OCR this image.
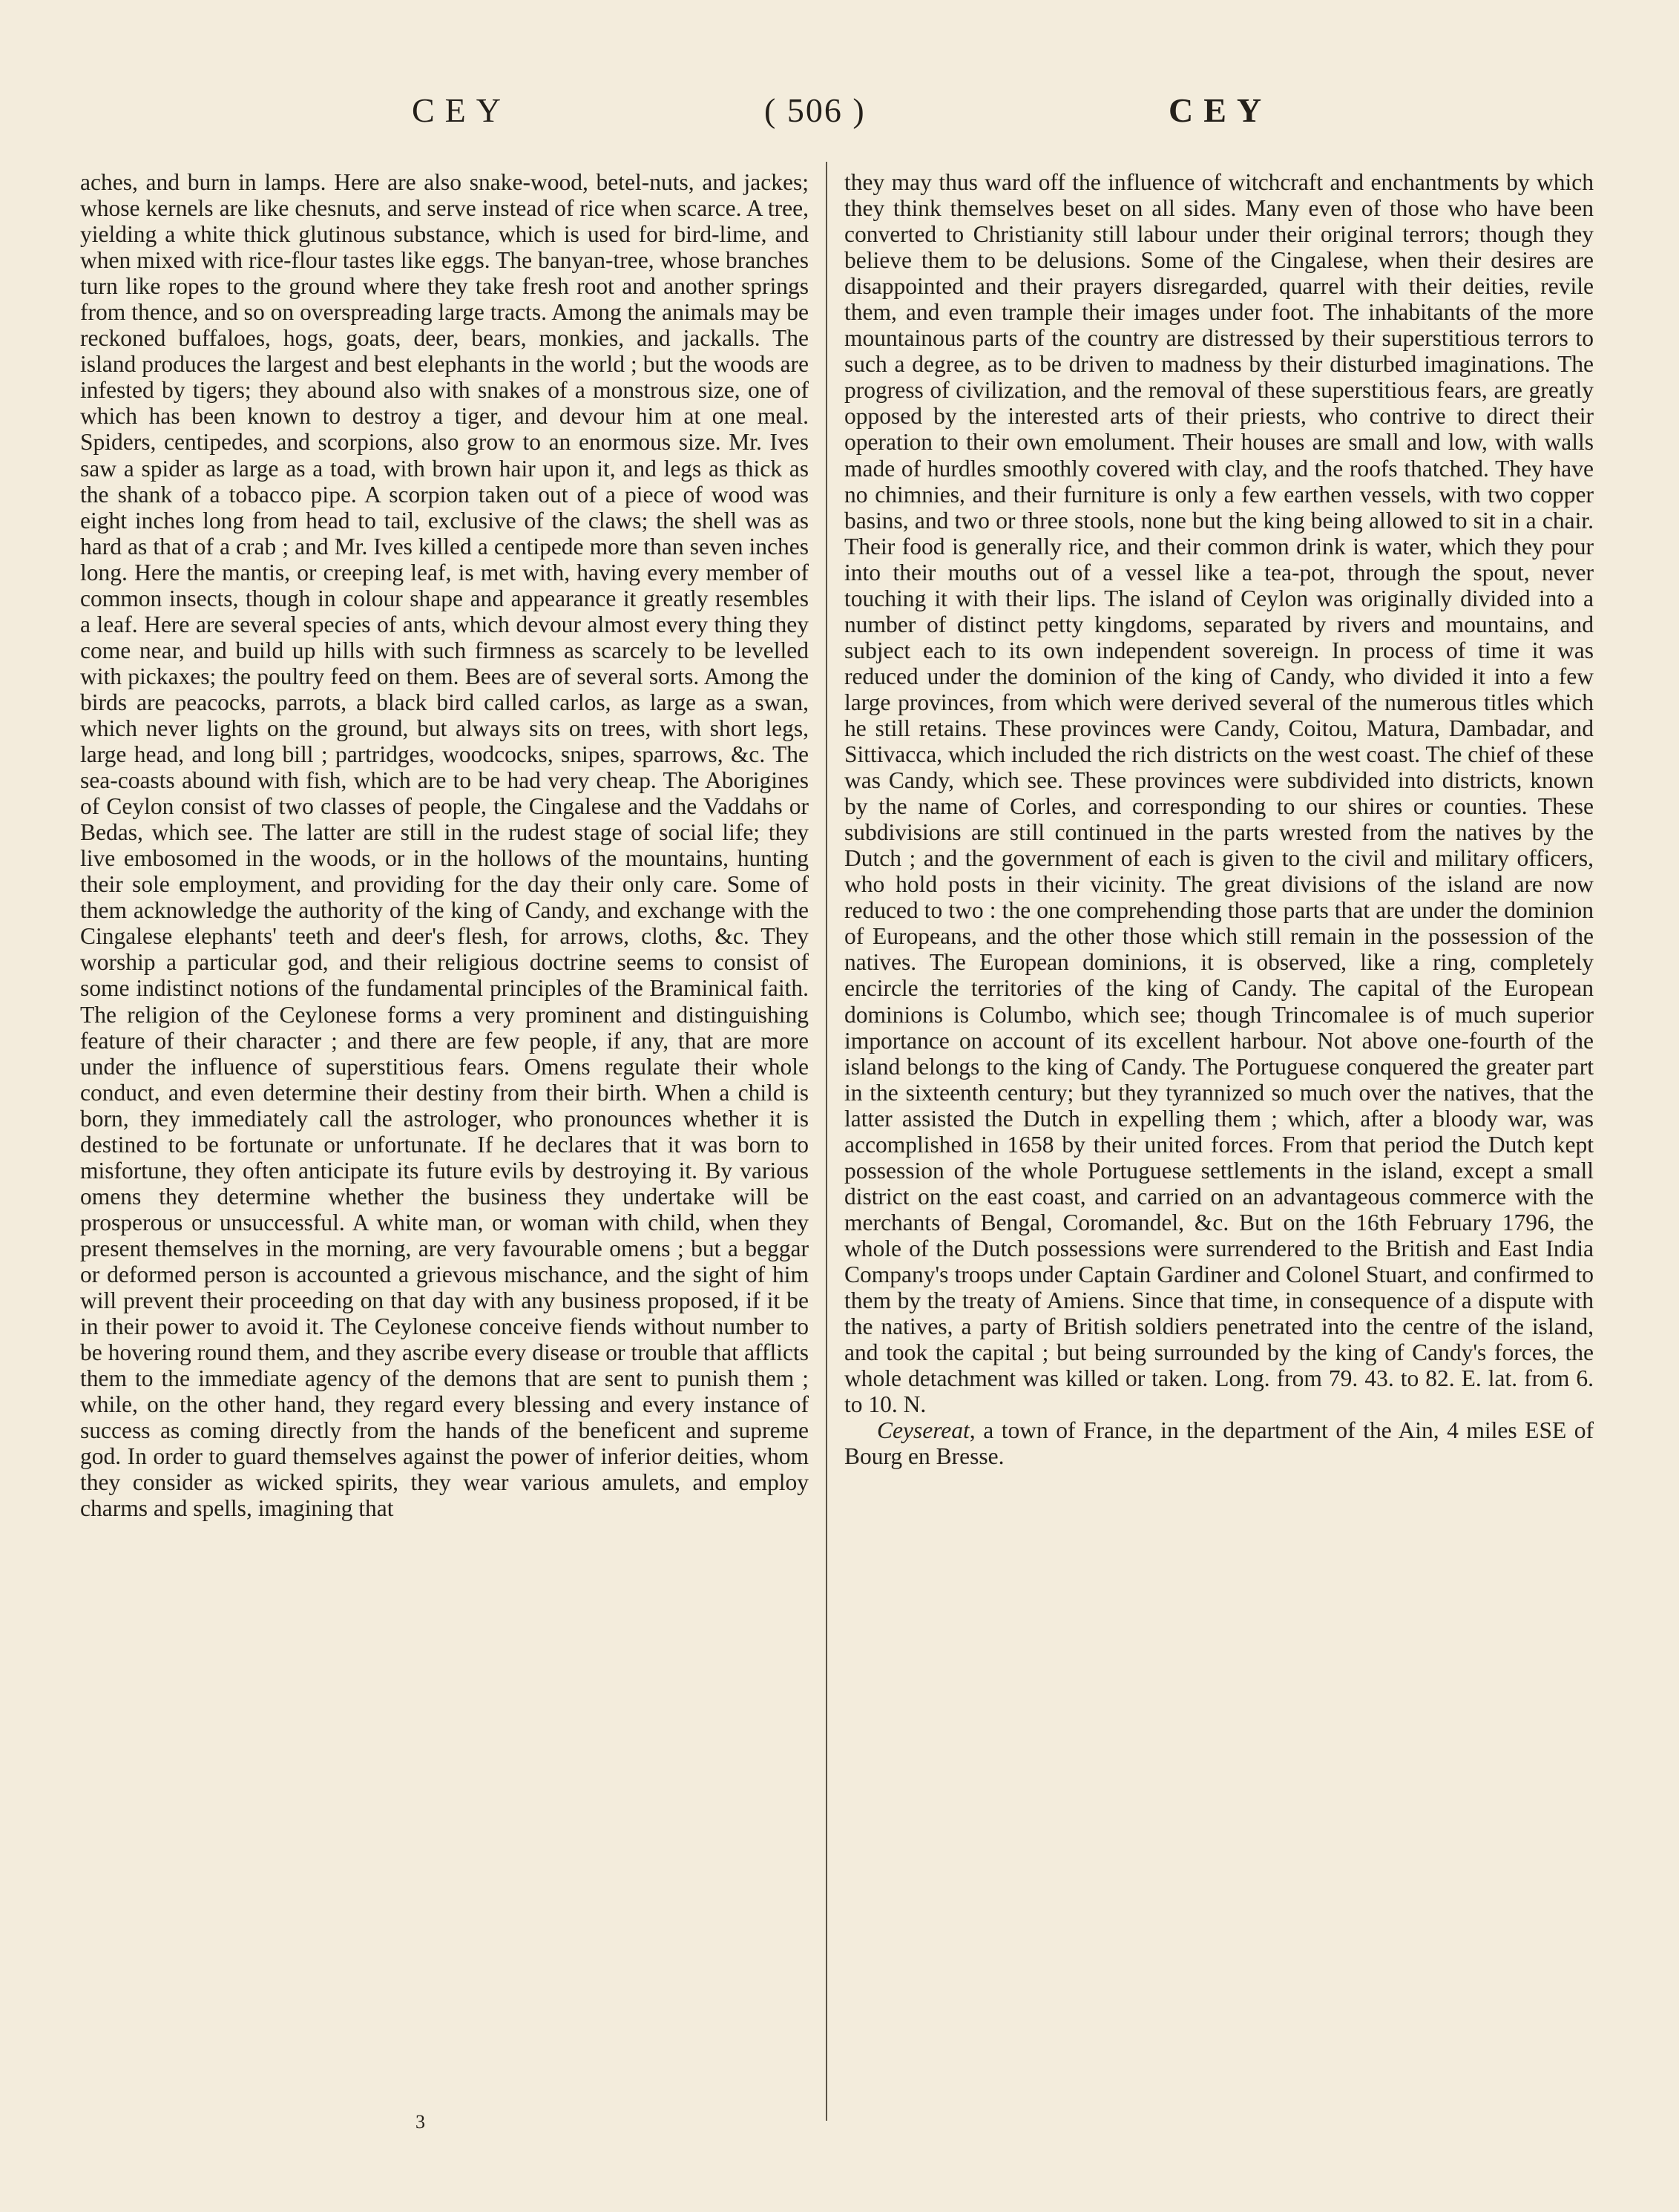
CEY	( 506 )	CEY

aches, and burn in lamps. Here are also snake-wood, betel-nuts, and jackes; whose kernels are like chesnuts, and serve instead of rice when scarce. A tree, yielding a white thick glutinous substance, which is used for bird-lime, and when mixed with rice-flour tastes like eggs. The banyan-tree, whose branches turn like ropes to the ground where they take fresh root and another springs from thence, and so on overspreading large tracts. Among the animals may be reckoned buffaloes, hogs, goats, deer, bears, monkies, and jackalls. The island produces the largest and best elephants in the world ; but the woods are infested by tigers; they abound also with snakes of a monstrous size, one of which has been known to destroy a tiger, and devour him at one meal. Spiders, centipedes, and scorpions, also grow to an enormous size. Mr. Ives saw a spider as large as a toad, with brown hair upon it, and legs as thick as the shank of a tobacco pipe. A scorpion taken out of a piece of wood was eight inches long from head to tail, exclusive of the claws; the shell was as hard as that of a crab ; and Mr. Ives killed a centipede more than seven inches long. Here the mantis, or creeping leaf, is met with, having every member of common insects, though in colour shape and appearance it greatly resembles a leaf. Here are several species of ants, which devour almost every thing they come near, and build up hills with such firmness as scarcely to be levelled with pickaxes; the poultry feed on them. Bees are of several sorts. Among the birds are peacocks, parrots, a black bird called carlos, as large as a swan, which never lights on the ground, but always sits on trees, with short legs, large head, and long bill ; partridges, woodcocks, snipes, sparrows, &c. The sea-coasts abound with fish, which are to be had very cheap. The Aborigines of Ceylon consist of two classes of people, the Cingalese and the Vaddahs or Bedas, which see. The latter are still in the rudest stage of social life; they live embosomed in the woods, or in the hollows of the mountains, hunting their sole employment, and providing for the day their only care. Some of them acknowledge the authority of the king of Candy, and exchange with the Cingalese elephants' teeth and deer's flesh, for arrows, cloths, &c. They worship a particular god, and their religious doctrine seems to consist of some indistinct notions of the fundamental principles of the Braminical faith. The religion of the Ceylonese forms a very prominent and distinguishing feature of their character ; and there are few people, if any, that are more under the influence of superstitious fears. Omens regulate their whole conduct, and even determine their destiny from their birth. When a child is born, they immediately call the astrologer, who pronounces whether it is destined to be fortunate or unfortunate. If he declares that it was born to misfortune, they often anticipate its future evils by destroying it. By various omens they determine whether the business they undertake will be prosperous or unsuccessful. A white man, or woman with child, when they present themselves in the morning, are very favourable omens ; but a beggar or deformed person is accounted a grievous mischance, and the sight of him will prevent their proceeding on that day with any business proposed, if it be in their power to avoid it. The Ceylonese conceive fiends without number to be hovering round them, and they ascribe every disease or trouble that afflicts them to the immediate agency of the demons that are sent to punish them ; while, on the other hand, they regard every blessing and every instance of success as coming directly from the hands of the beneficent and supreme god. In order to guard themselves against the power of inferior deities, whom they consider as wicked spirits, they wear various amulets, and employ charms and spells, imagining that

they may thus ward off the influence of witchcraft and enchantments by which they think themselves beset on all sides. Many even of those who have been converted to Christianity still labour under their original terrors; though they believe them to be delusions. Some of the Cingalese, when their desires are disappointed and their prayers disregarded, quarrel with their deities, revile them, and even trample their images under foot. The inhabitants of the more mountainous parts of the country are distressed by their superstitious terrors to such a degree, as to be driven to madness by their disturbed imaginations. The progress of civilization, and the removal of these superstitious fears, are greatly opposed by the interested arts of their priests, who contrive to direct their operation to their own emolument. Their houses are small and low, with walls made of hurdles smoothly covered with clay, and the roofs thatched. They have no chimnies, and their furniture is only a few earthen vessels, with two copper basins, and two or three stools, none but the king being allowed to sit in a chair. Their food is generally rice, and their common drink is water, which they pour into their mouths out of a vessel like a tea-pot, through the spout, never touching it with their lips. The island of Ceylon was originally divided into a number of distinct petty kingdoms, separated by rivers and mountains, and subject each to its own independent sovereign. In process of time it was reduced under the dominion of the king of Candy, who divided it into a few large provinces, from which were derived several of the numerous titles which he still retains. These provinces were Candy, Coitou, Matura, Dambadar, and Sittivacca, which included the rich districts on the west coast. The chief of these was Candy, which see. These provinces were subdivided into districts, known by the name of Corles, and corresponding to our shires or counties. These subdivisions are still continued in the parts wrested from the natives by the Dutch ; and the government of each is given to the civil and military officers, who hold posts in their vicinity. The great divisions of the island are now reduced to two : the one comprehending those parts that are under the dominion of Europeans, and the other those which still remain in the possession of the natives. The European dominions, it is observed, like a ring, completely encircle the territories of the king of Candy. The capital of the European dominions is Columbo, which see; though Trincomalee is of much superior importance on account of its excellent harbour. Not above one-fourth of the island belongs to the king of Candy. The Portuguese conquered the greater part in the sixteenth century; but they tyrannized so much over the natives, that the latter assisted the Dutch in expelling them ; which, after a bloody war, was accomplished in 1658 by their united forces. From that period the Dutch kept possession of the whole Portuguese settlements in the island, except a small district on the east coast, and carried on an advantageous commerce with the merchants of Bengal, Coromandel, &c. But on the 16th February 1796, the whole of the Dutch possessions were surrendered to the British and East India Company's troops under Captain Gardiner and Colonel Stuart, and confirmed to them by the treaty of Amiens. Since that time, in consequence of a dispute with the natives, a party of British soldiers penetrated into the centre of the island, and took the capital ; but being surrounded by the king of Candy's forces, the whole detachment was killed or taken. Long. from 79. 43. to 82. E. lat. from 6. to 10. N.

Ceysereat, a town of France, in the department of the Ain, 4 miles ESE of Bourg en Bresse.

3
